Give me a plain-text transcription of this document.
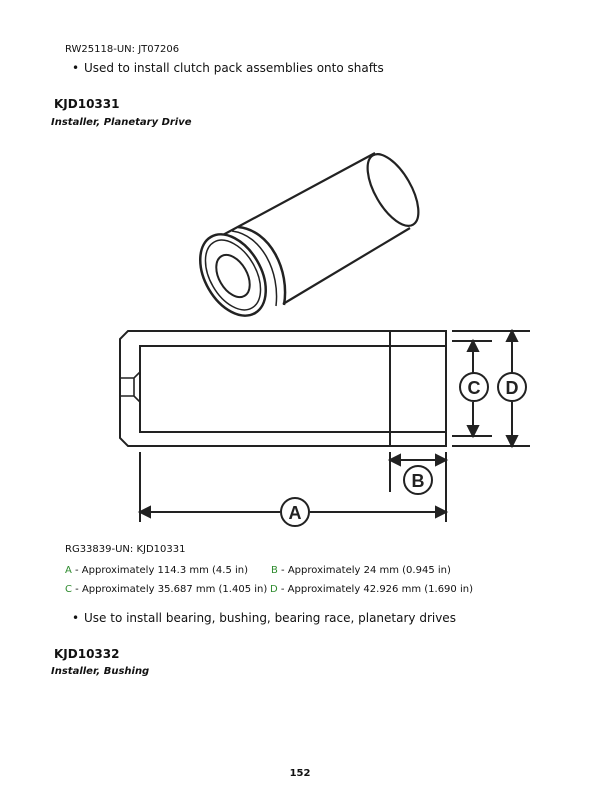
RW25118-UN: JT07206
• Used to install clutch pack assemblies onto shafts
KJD10331
Installer, Planetary Drive
C D
B
A
RG33839-UN: KJD10331
A - Approximately 114.3 mm (4.5 in) B - Approximately 24 mm (0.945 in)
C - Approximately 35.687 mm (1.405 in) D - Approximately 42.926 mm (1.690 in)
• Use to install bearing, bushing, bearing race, planetary drives
KJD10332
Installer, Bushing
152
